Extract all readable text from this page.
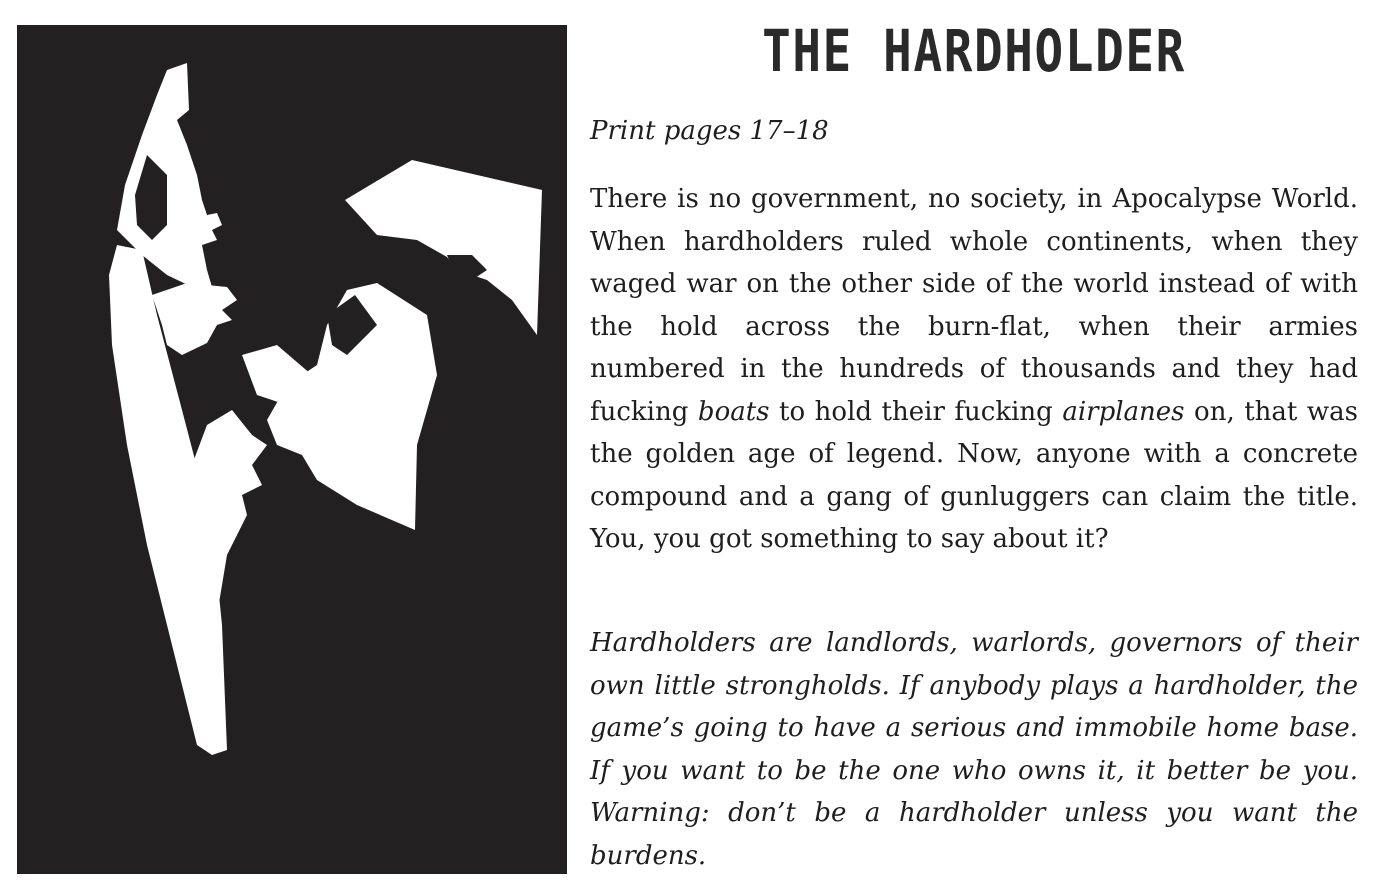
THE HARDHOLDER

Print pages 17–18

There is no government, no society, in Apocalypse World. When hardholders ruled whole continents, when they waged war on the other side of the world instead of with the hold across the burn-flat, when their armies numbered in the hundreds of thousands and they had fucking boats to hold their fucking airplanes on, that was the golden age of legend. Now, anyone with a concrete compound and a gang of gunluggers can claim the title. You, you got something to say about it?

Hardholders are landlords, warlords, governors of their own little strongholds. If anybody plays a hardholder, the game’s going to have a serious and immobile home base. If you want to be the one who owns it, it better be you. Warning: don’t be a hardholder unless you want the burdens.
